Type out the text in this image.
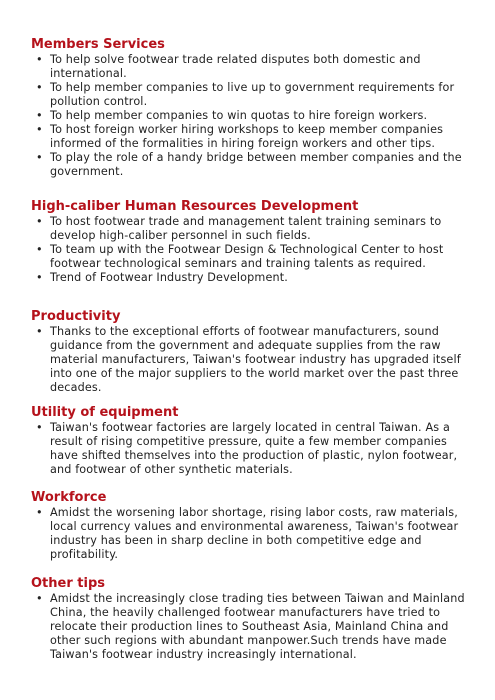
Members Services
• To help solve footwear trade related disputes both domestic and international.
• To help member companies to live up to government requirements for pollution control.
• To help member companies to win quotas to hire foreign workers.
• To host foreign worker hiring workshops to keep member companies informed of the formalities in hiring foreign workers and other tips.
• To play the role of a handy bridge between member companies and the government.
High-caliber Human Resources Development
• To host footwear trade and management talent training seminars to develop high-caliber personnel in such fields.
• To team up with the Footwear Design & Technological Center to host footwear technological seminars and training talents as required.
• Trend of Footwear Industry Development.
Productivity
• Thanks to the exceptional efforts of footwear manufacturers, sound guidance from the government and adequate supplies from the raw material manufacturers, Taiwan's footwear industry has upgraded itself into one of the major suppliers to the world market over the past three decades.
Utility of equipment
• Taiwan's footwear factories are largely located in central Taiwan. As a result of rising competitive pressure, quite a few member companies have shifted themselves into the production of plastic, nylon footwear, and footwear of other synthetic materials.
Workforce
• Amidst the worsening labor shortage, rising labor costs, raw materials, local currency values and environmental awareness, Taiwan's footwear industry has been in sharp decline in both competitive edge and profitability.
Other tips
• Amidst the increasingly close trading ties between Taiwan and Mainland China, the heavily challenged footwear manufacturers have tried to relocate their production lines to Southeast Asia, Mainland China and other such regions with abundant manpower.Such trends have made Taiwan's footwear industry increasingly international.
